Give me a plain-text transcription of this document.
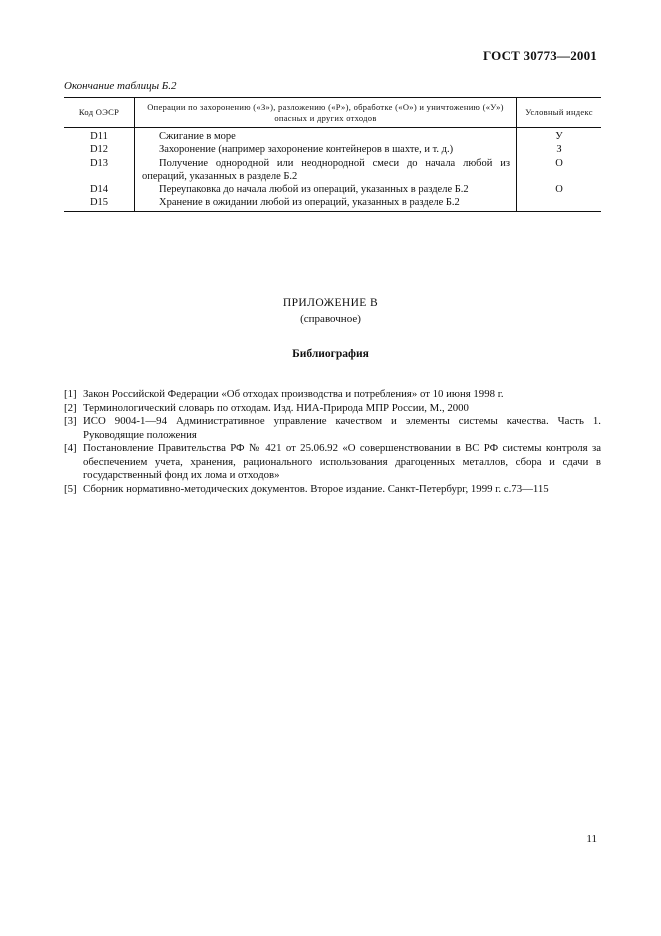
ГОСТ 30773—2001
Окончание таблицы Б.2
Код ОЭСР	Операции по захоронению («З»), разложению («Р»), обработке («О») и уничтожению («У») опасных и других отходов	Условный индекс
D11	Сжигание в море	У
D12	Захоронение (например захоронение контейнеров в шахте, и т. д.)	З
D13	Получение однородной или неоднородной смеси до начала любой из операций, указанных в разделе Б.2	О
D14	Переупаковка до начала любой из операций, указанных в разделе Б.2	О
D15	Хранение в ожидании любой из операций, указанных в разделе Б.2	
ПРИЛОЖЕНИЕ В
(справочное)
Библиография
[1] Закон Российской Федерации «Об отходах производства и потребления» от 10 июня 1998 г.
[2] Терминологический словарь по отходам. Изд. НИА-Природа МПР России, М., 2000
[3] ИСО 9004-1—94 Административное управление качеством и элементы системы качества. Часть 1. Руководящие положения
[4] Постановление Правительства РФ № 421 от 25.06.92 «О совершенствовании в ВС РФ системы контроля за обеспечением учета, хранения, рационального использования драгоценных металлов, сбора и сдачи в государственный фонд их лома и отходов»
[5] Сборник нормативно-методических документов. Второе издание. Санкт-Петербург, 1999 г. с.73—115
11
